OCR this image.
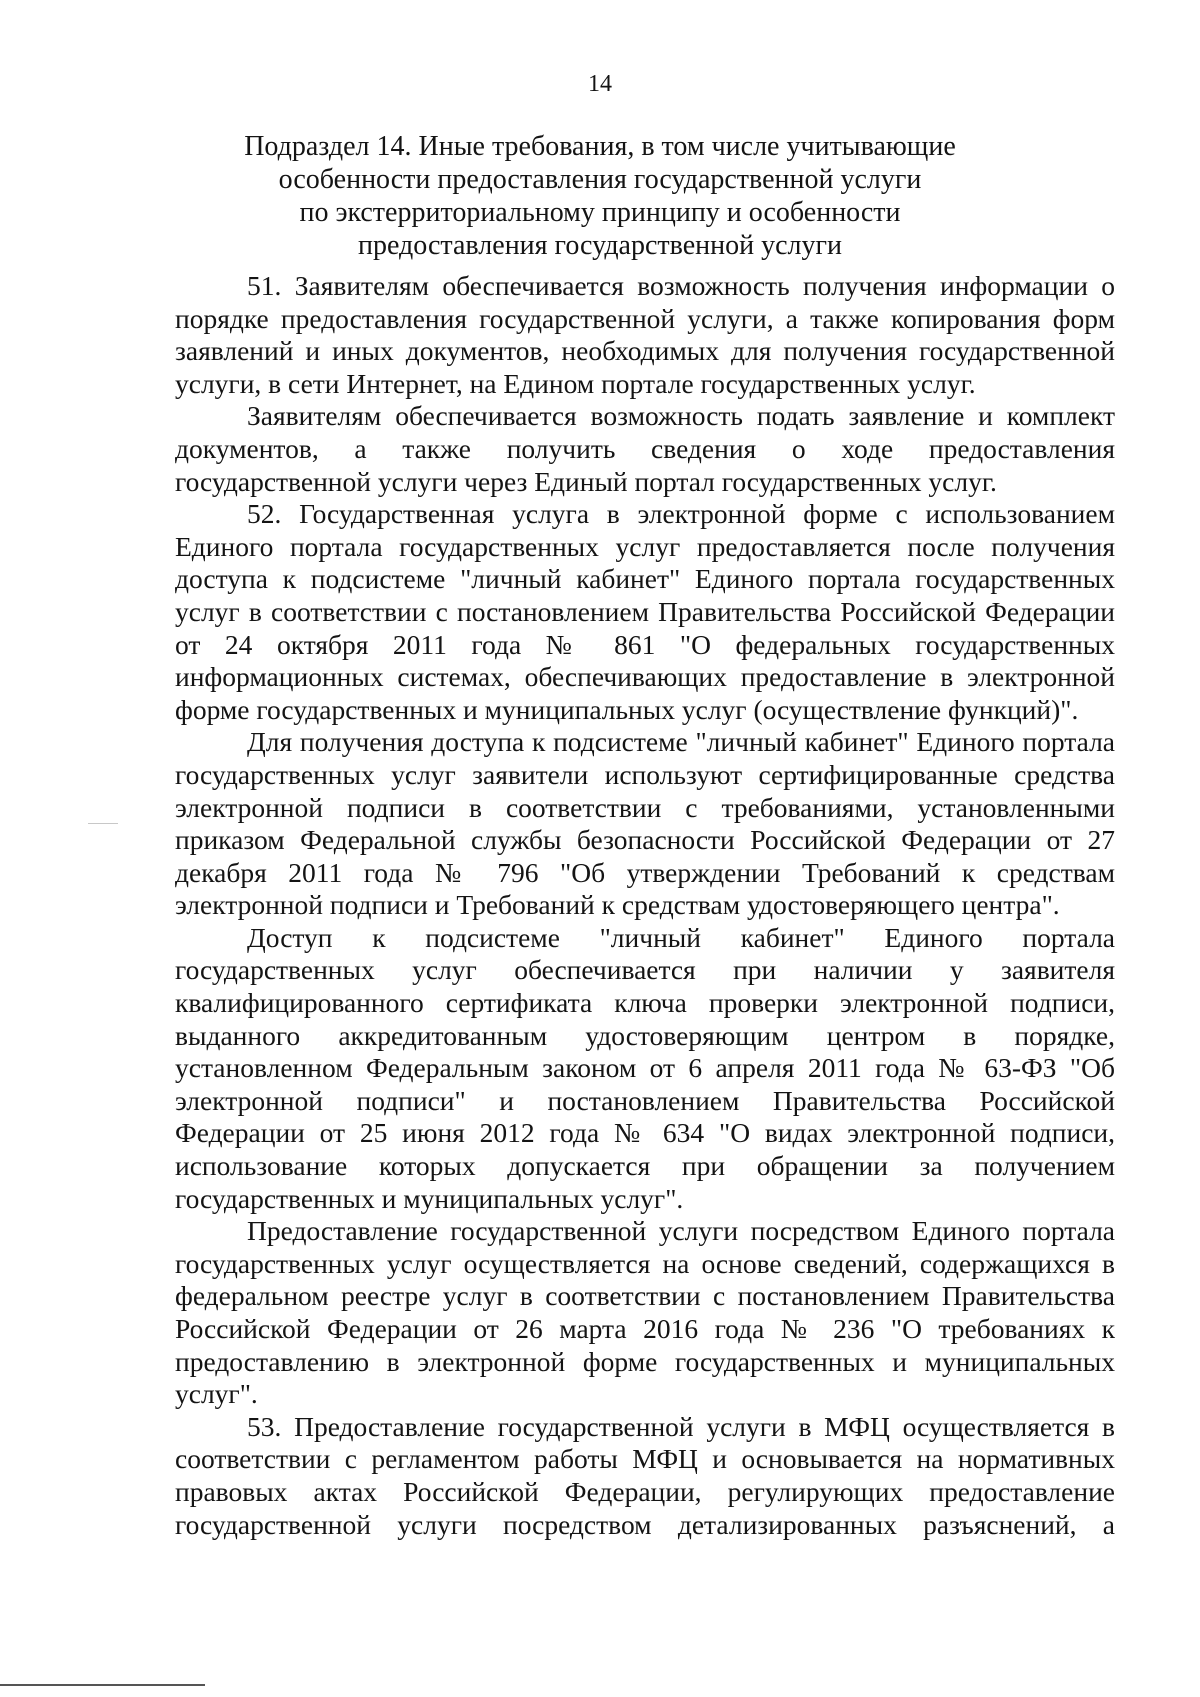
14
Подраздел 14. Иные требования, в том числе учитывающие
особенности предоставления государственной услуги
по экстерриториальному принципу и особенности
предоставления государственной услуги

51. Заявителям обеспечивается возможность получения информации о порядке предоставления государственной услуги, а также копирования форм заявлений и иных документов, необходимых для получения государственной услуги, в сети Интернет, на Едином портале государственных услуг.

Заявителям обеспечивается возможность подать заявление и комплект документов, а также получить сведения о ходе предоставления государственной услуги через Единый портал государственных услуг.

52. Государственная услуга в электронной форме с использованием Единого портала государственных услуг предоставляется после получения доступа к подсистеме "личный кабинет" Единого портала государственных услуг в соответствии с постановлением Правительства Российской Федерации от 24 октября 2011 года № 861 "О федеральных государственных информационных системах, обеспечивающих предоставление в электронной форме государственных и муниципальных услуг (осуществление функций)".

Для получения доступа к подсистеме "личный кабинет" Единого портала государственных услуг заявители используют сертифицированные средства электронной подписи в соответствии с требованиями, установленными приказом Федеральной службы безопасности Российской Федерации от 27 декабря 2011 года № 796 "Об утверждении Требований к средствам электронной подписи и Требований к средствам удостоверяющего центра".

Доступ к подсистеме "личный кабинет" Единого портала государственных услуг обеспечивается при наличии у заявителя квалифицированного сертификата ключа проверки электронной подписи, выданного аккредитованным удостоверяющим центром в порядке, установленном Федеральным законом от 6 апреля 2011 года № 63-ФЗ "Об электронной подписи" и постановлением Правительства Российской Федерации от 25 июня 2012 года № 634 "О видах электронной подписи, использование которых допускается при обращении за получением государственных и муниципальных услуг".

Предоставление государственной услуги посредством Единого портала государственных услуг осуществляется на основе сведений, содержащихся в федеральном реестре услуг в соответствии с постановлением Правительства Российской Федерации от 26 марта 2016 года № 236 "О требованиях к предоставлению в электронной форме государственных и муниципальных услуг".

53. Предоставление государственной услуги в МФЦ осуществляется в соответствии с регламентом работы МФЦ и основывается на нормативных правовых актах Российской Федерации, регулирующих предоставление государственной услуги посредством детализированных разъяснений, а
